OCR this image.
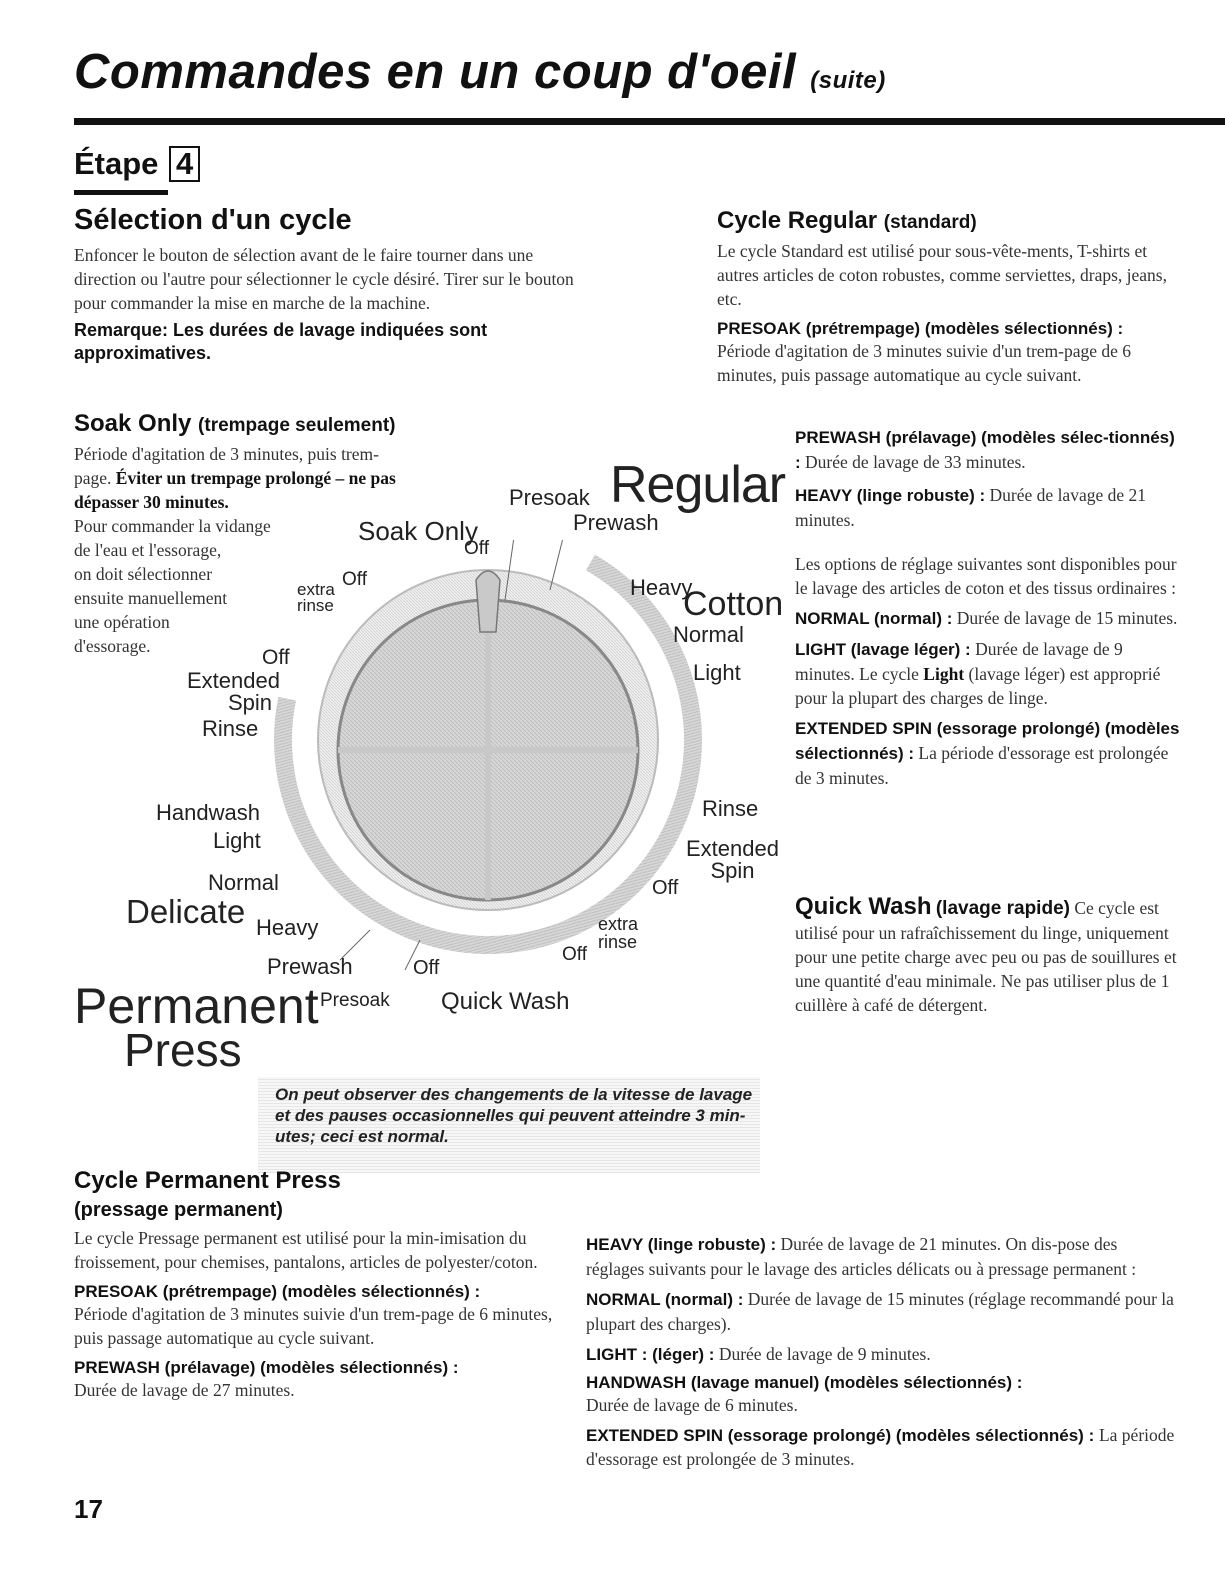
Commandes en un coup d'oeil (suite)
Étape 4
Sélection d'un cycle

Enfoncer le bouton de sélection avant de le faire tourner dans une direction ou l'autre pour sélectionner le cycle désiré. Tirer sur le bouton pour commander la mise en marche de la machine.

Remarque: Les durées de lavage indiquées sont approximatives.

Soak Only (trempage seulement)

Période d'agitation de 3 minutes, puis trem-

page. Éviter un trempage prolongé – ne pas

dépasser 30 minutes.

Pour commander la vidange

de l'eau et l'essorage,

on doit sélectionner

ensuite manuellement

une opération

d'essorage.

Regular
Presoak
Prewash
Soak Only
Off
Off
extra
rinse
Heavy
Cotton
Normal
Light
Off
Extended
Spin
Rinse
Rinse
Extended
Spin
Off
extra
rinse
Off
Handwash
Light
Normal
Delicate Heavy
Prewash	Off
Presoak Quick Wash
Permanent
Press
On peut observer des changements de la vitesse de lavage
et des pauses occasionnelles qui peuvent atteindre 3 min-
utes; ceci est normal.
Cycle Regular (standard)

Le cycle Standard est utilisé pour sous-vête-ments, T-shirts et autres articles de coton robustes, comme serviettes, draps, jeans, etc.

PRESOAK (prétrempage) (modèles sélectionnés) :

Période d'agitation de 3 minutes suivie d'un trem-page de 6 minutes, puis passage automatique au cycle suivant.

PREWASH (prélavage) (modèles sélec-tionnés) : Durée de lavage de 33 minutes.

HEAVY (linge robuste) : Durée de lavage de 21 minutes.

Les options de réglage suivantes sont disponibles pour le lavage des articles de coton et des tissus ordinaires :

NORMAL (normal) : Durée de lavage de 15 minutes.

LIGHT (lavage léger) : Durée de lavage de 9 minutes. Le cycle Light (lavage léger) est approprié pour la plupart des charges de linge.

EXTENDED SPIN (essorage prolongé) (modèles sélectionnés) : La période d'essorage est prolongée de 3 minutes.

Quick Wash (lavage rapide) Ce cycle est utilisé pour un rafraîchissement du linge, uniquement pour une petite charge avec peu ou pas de souillures et une quantité d'eau minimale. Ne pas utiliser plus de 1 cuillère à café de détergent.

Cycle Permanent Press

(pressage permanent)

Le cycle Pressage permanent est utilisé pour la min-imisation du froissement, pour chemises, pantalons, articles de polyester/coton.

PRESOAK (prétrempage) (modèles sélectionnés) :

Période d'agitation de 3 minutes suivie d'un trem-page de 6 minutes, puis passage automatique au cycle suivant.

PREWASH (prélavage) (modèles sélectionnés) :

Durée de lavage de 27 minutes.

HEAVY (linge robuste) : Durée de lavage de 21 minutes. On dis-pose des réglages suivants pour le lavage des articles délicats ou à pressage permanent :

NORMAL (normal) : Durée de lavage de 15 minutes (réglage recommandé pour la plupart des charges).

LIGHT : (léger) : Durée de lavage de 9 minutes.

HANDWASH (lavage manuel) (modèles sélectionnés) :

Durée de lavage de 6 minutes.

EXTENDED SPIN (essorage prolongé) (modèles sélectionnés) : La période d'essorage est prolongée de 3 minutes.

17
